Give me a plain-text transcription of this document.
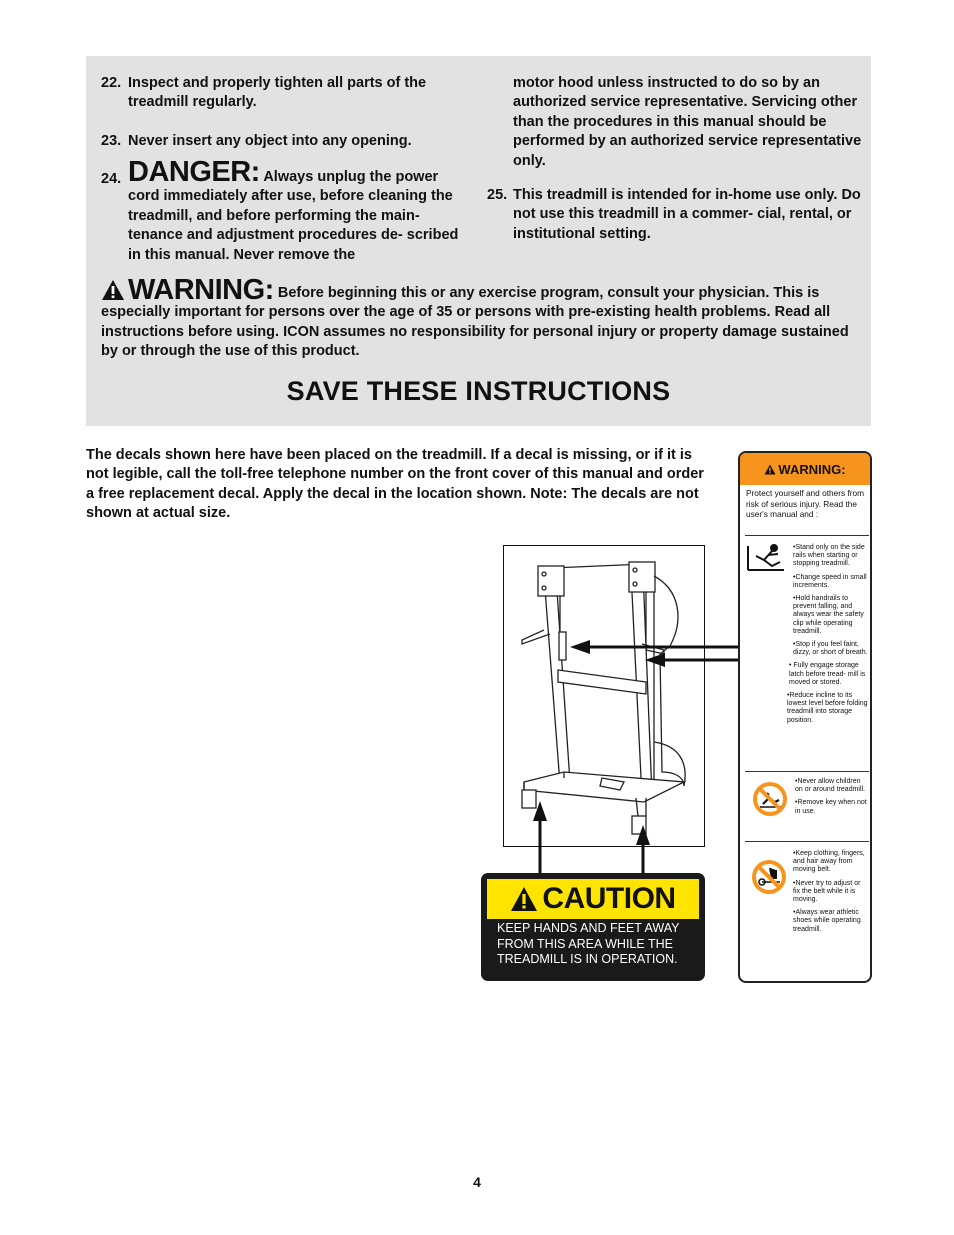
22. Inspect and properly tighten all parts of the treadmill regularly.
23. Never insert any object into any opening.
24. DANGER: Always unplug the power cord immediately after use, before cleaning the treadmill, and before performing the main- tenance and adjustment procedures de- scribed in this manual. Never remove the
motor hood unless instructed to do so by an authorized service representative. Servicing other than the procedures in this manual should be performed by an authorized service representative only.
25. This treadmill is intended for in-home use only. Do not use this treadmill in a commer- cial, rental, or institutional setting.
WARNING: Before beginning this or any exercise program, consult your physician. This is especially important for persons over the age of 35 or persons with pre-existing health problems. Read all instructions before using. ICON assumes no responsibility for personal injury or property damage sustained by or through the use of this product.
SAVE THESE INSTRUCTIONS
The decals shown here have been placed on the treadmill. If a decal is missing, or if it is not legible, call the toll-free telephone number on the front cover of this manual and order a free replacement decal. Apply the decal in the location shown. Note: The decals are not shown at actual size.
CAUTION
KEEP HANDS AND FEET AWAY
FROM THIS AREA WHILE THE
TREADMILL IS IN OPERATION.
WARNING:
Protect yourself and others from risk of serious injury. Read the user's manual and :

•Stand only on the side rails when starting or stopping treadmill.

•Change speed in small increments.

•Hold handrails to prevent falling, and always wear the safety clip while operating treadmill.

•Stop if you feel faint, dizzy, or short of breath.

• Fully engage storage latch before tread- mill is moved or stored.

•Reduce incline to its lowest level before folding treadmill into storage position.

•Never allow children on or around treadmill.

•Remove key when not in use.

•Keep clothing, fingers, and hair away from moving belt.

•Never try to adjust or fix the belt while it is moving.

•Always wear athletic shoes while operating treadmill.

4
